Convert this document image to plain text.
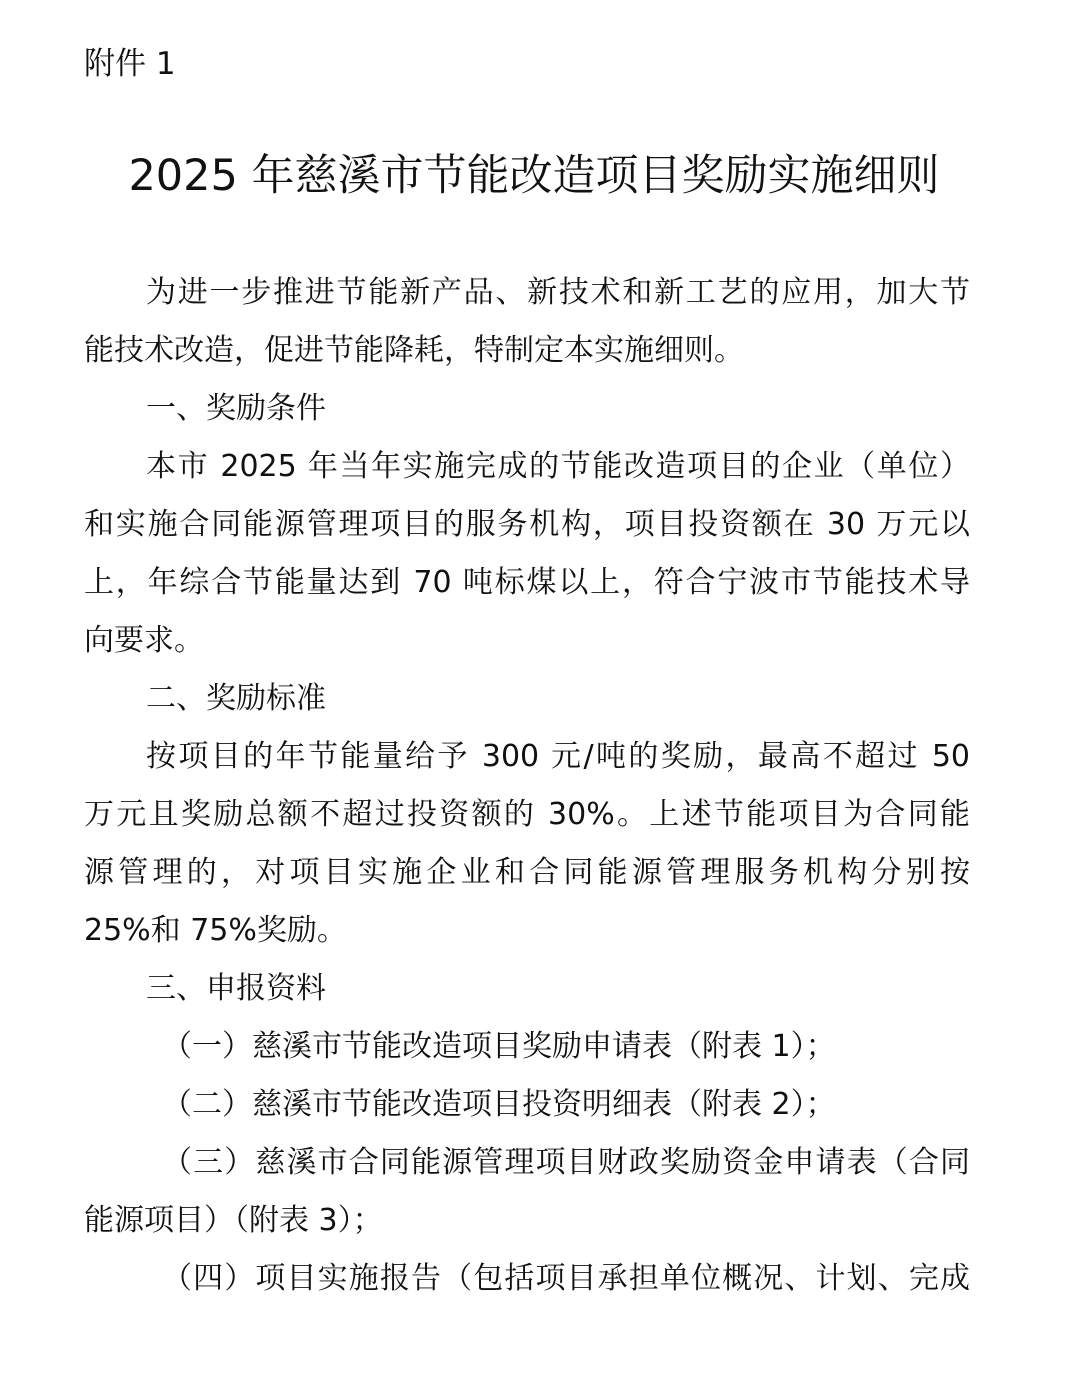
附件 1
2025 年慈溪市节能改造项目奖励实施细则
为进一步推进节能新产品、新技术和新工艺的应用，加大节
能技术改造，促进节能降耗，特制定本实施细则。
一、奖励条件
本市 2025 年当年实施完成的节能改造项目的企业（单位）
和实施合同能源管理项目的服务机构，项目投资额在 30 万元以
上，年综合节能量达到 70 吨标煤以上，符合宁波市节能技术导
向要求。
二、奖励标准
按项目的年节能量给予 300 元/吨的奖励，最高不超过 50
万元且奖励总额不超过投资额的 30%。上述节能项目为合同能
源管理的，对项目实施企业和合同能源管理服务机构分别按
25%和 75%奖励。
三、申报资料
（一）慈溪市节能改造项目奖励申请表（附表 1）；
（二）慈溪市节能改造项目投资明细表（附表 2）；
（三）慈溪市合同能源管理项目财政奖励资金申请表（合同
能源项目）（附表 3）；
（四）项目实施报告（包括项目承担单位概况、计划、完成
